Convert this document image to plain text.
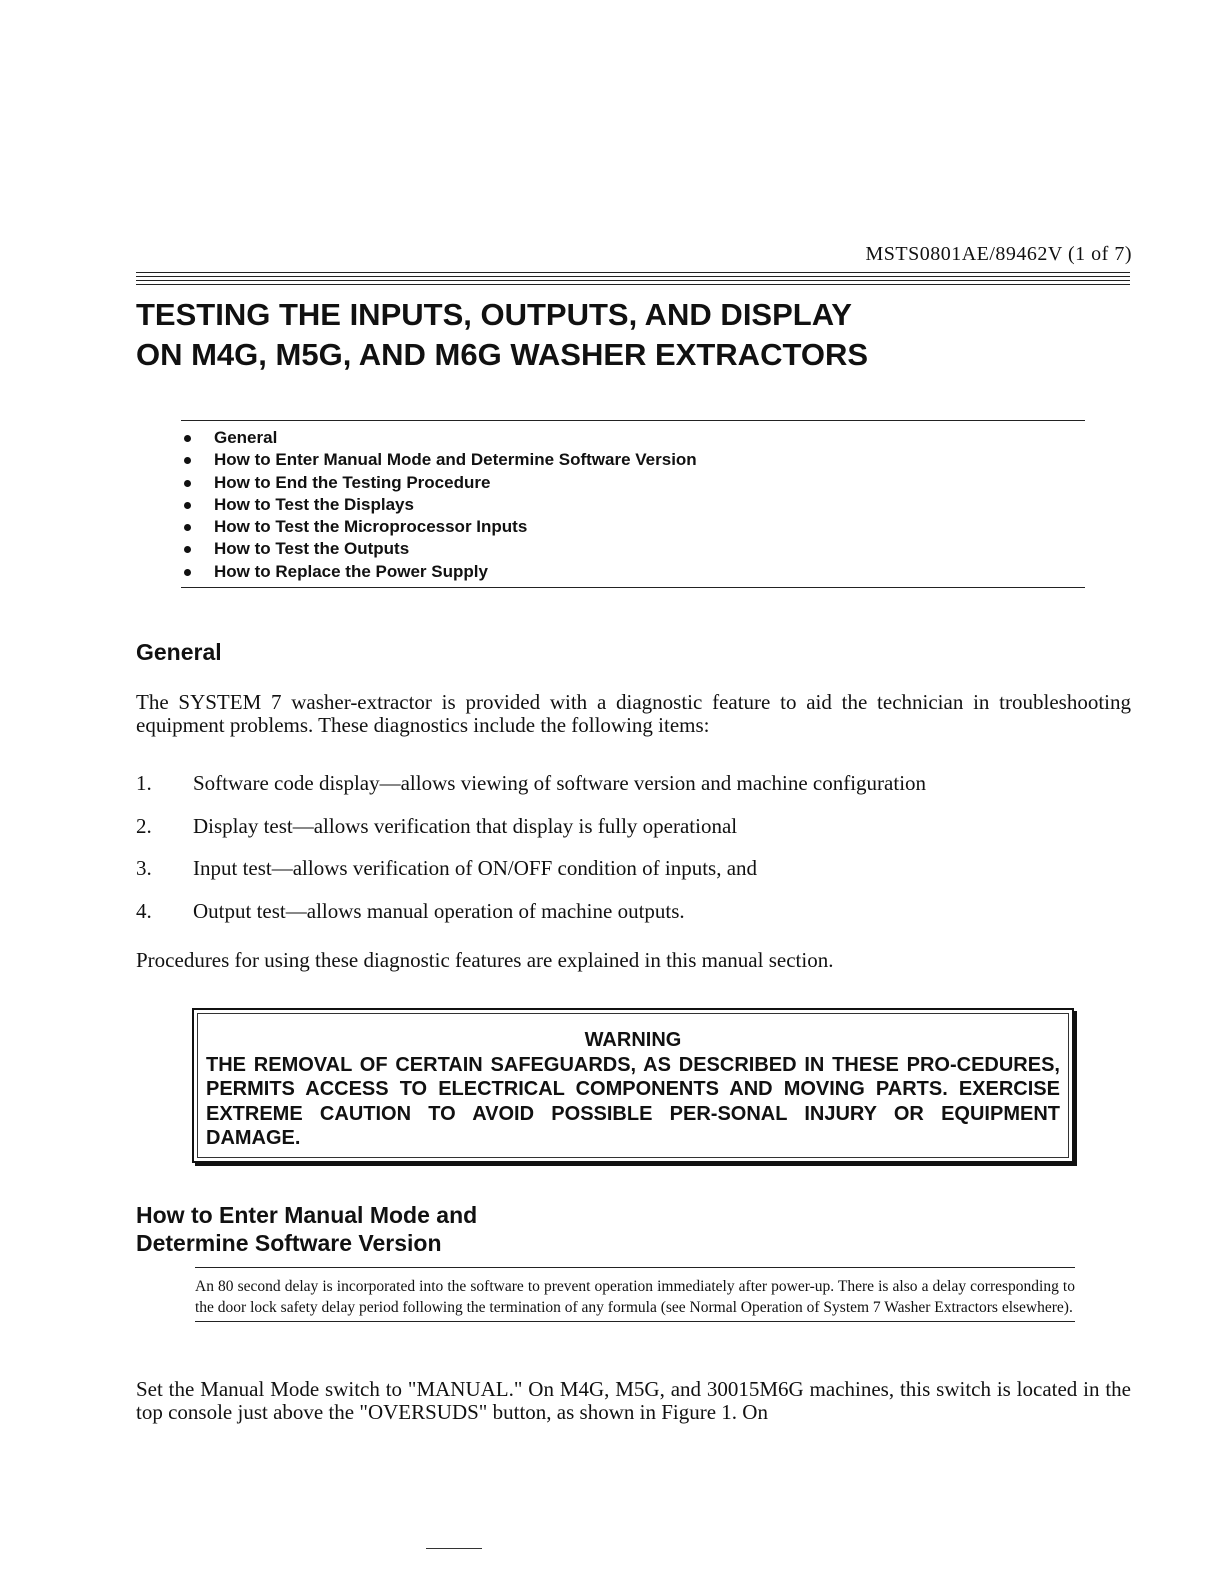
MSTS0801AE/89462V (1 of 7)
TESTING THE INPUTS, OUTPUTS, AND DISPLAY
ON M4G, M5G, AND M6G WASHER EXTRACTORS
General
How to Enter Manual Mode and Determine Software Version
How to End the Testing Procedure
How to Test the Displays
How to Test the Microprocessor Inputs
How to Test the Outputs
How to Replace the Power Supply
General

The SYSTEM 7 washer-extractor is provided with a diagnostic feature to aid the technician in troubleshooting equipment problems. These diagnostics include the following items:

1.	Software code display—allows viewing of software version and machine configuration
2.	Display test—allows verification that display is fully operational
3.	Input test—allows verification of ON/OFF condition of inputs, and
4.	Output test—allows manual operation of machine outputs.

Procedures for using these diagnostic features are explained in this manual section.

WARNING
THE REMOVAL OF CERTAIN SAFEGUARDS, AS DESCRIBED IN THESE PRO-CEDURES, PERMITS ACCESS TO ELECTRICAL COMPONENTS AND MOVING PARTS. EXERCISE EXTREME CAUTION TO AVOID POSSIBLE PER-SONAL INJURY OR EQUIPMENT DAMAGE.
How to Enter Manual Mode and
Determine Software Version
An 80 second delay is incorporated into the software to prevent operation immediately after power-up. There is also a delay corresponding to the door lock safety delay period following the termination of any formula (see Normal Operation of System 7 Washer Extractors elsewhere).

Set the Manual Mode switch to "MANUAL." On M4G, M5G, and 30015M6G machines, this switch is located in the top console just above the "OVERSUDS" button, as shown in Figure 1. On
